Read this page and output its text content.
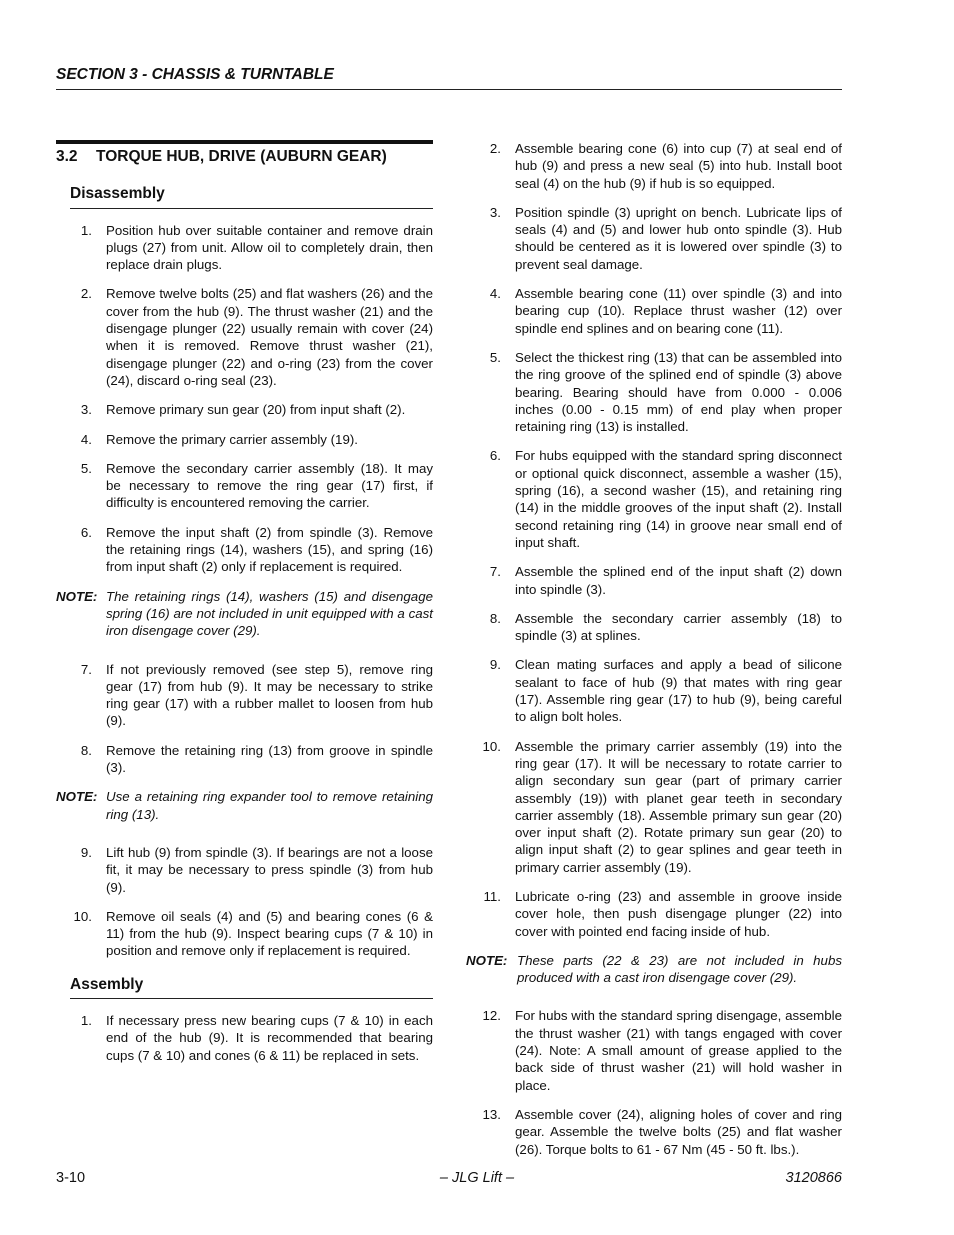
SECTION 3 - CHASSIS & TURNTABLE
3.2 TORQUE HUB, DRIVE (AUBURN GEAR)
Disassembly
1.	Position hub over suitable container and remove drain plugs (27) from unit. Allow oil to completely drain, then replace drain plugs.
2.	Remove twelve bolts (25) and flat washers (26) and the cover from the hub (9). The thrust washer (21) and the disengage plunger (22) usually remain with cover (24) when it is removed. Remove thrust washer (21), disengage plunger (22) and o-ring (23) from the cover (24), discard o-ring seal (23).
3.	Remove primary sun gear (20) from input shaft (2).
4.	Remove the primary carrier assembly (19).
5.	Remove the secondary carrier assembly (18). It may be necessary to remove the ring gear (17) first, if difficulty is encountered removing the carrier.
6.	Remove the input shaft (2) from spindle (3). Remove the retaining rings (14), washers (15), and spring (16) from input shaft (2) only if replacement is required.
NOTE: The retaining rings (14), washers (15) and disengage spring (16) are not included in unit equipped with a cast iron disengage cover (29).
7.	If not previously removed (see step 5), remove ring gear (17) from hub (9). It may be necessary to strike ring gear (17) with a rubber mallet to loosen from hub (9).
8.	Remove the retaining ring (13) from groove in spindle (3).
NOTE: Use a retaining ring expander tool to remove retaining ring (13).
9.	Lift hub (9) from spindle (3). If bearings are not a loose fit, it may be necessary to press spindle (3) from hub (9).
10.	Remove oil seals (4) and (5) and bearing cones (6 & 11) from the hub (9). Inspect bearing cups (7 & 10) in position and remove only if replacement is required.
Assembly
1.	If necessary press new bearing cups (7 & 10) in each end of the hub (9). It is recommended that bearing cups (7 & 10) and cones (6 & 11) be replaced in sets.
2.	Assemble bearing cone (6) into cup (7) at seal end of hub (9) and press a new seal (5) into hub. Install boot seal (4) on the hub (9) if hub is so equipped.
3.	Position spindle (3) upright on bench. Lubricate lips of seals (4) and (5) and lower hub onto spindle (3). Hub should be centered as it is lowered over spindle (3) to prevent seal damage.
4.	Assemble bearing cone (11) over spindle (3) and into bearing cup (10). Replace thrust washer (12) over spindle end splines and on bearing cone (11).
5.	Select the thickest ring (13) that can be assembled into the ring groove of the splined end of spindle (3) above bearing. Bearing should have from 0.000 - 0.006 inches (0.00 - 0.15 mm) of end play when proper retaining ring (13) is installed.
6.	For hubs equipped with the standard spring disconnect or optional quick disconnect, assemble a washer (15), spring (16), a second washer (15), and retaining ring (14) in the middle grooves of the input shaft (2). Install second retaining ring (14) in groove near small end of input shaft.
7.	Assemble the splined end of the input shaft (2) down into spindle (3).
8.	Assemble the secondary carrier assembly (18) to spindle (3) at splines.
9.	Clean mating surfaces and apply a bead of silicone sealant to face of hub (9) that mates with ring gear (17). Assemble ring gear (17) to hub (9), being careful to align bolt holes.
10.	Assemble the primary carrier assembly (19) into the ring gear (17). It will be necessary to rotate carrier to align secondary sun gear (part of primary carrier assembly (19)) with planet gear teeth in secondary carrier assembly (18). Assemble primary sun gear (20) over input shaft (2). Rotate primary sun gear (20) to align input shaft (2) to gear splines and gear teeth in primary carrier assembly (19).
11.	Lubricate o-ring (23) and assemble in groove inside cover hole, then push disengage plunger (22) into cover with pointed end facing inside of hub.
NOTE: These parts (22 & 23) are not included in hubs produced with a cast iron disengage cover (29).
12.	For hubs with the standard spring disengage, assemble the thrust washer (21) with tangs engaged with cover (24). Note: A small amount of grease applied to the back side of thrust washer (21) will hold washer in place.
13.	Assemble cover (24), aligning holes of cover and ring gear. Assemble the twelve bolts (25) and flat washer (26). Torque bolts to 61 - 67 Nm (45 - 50 ft. lbs.).
3-10	– JLG Lift –	3120866
